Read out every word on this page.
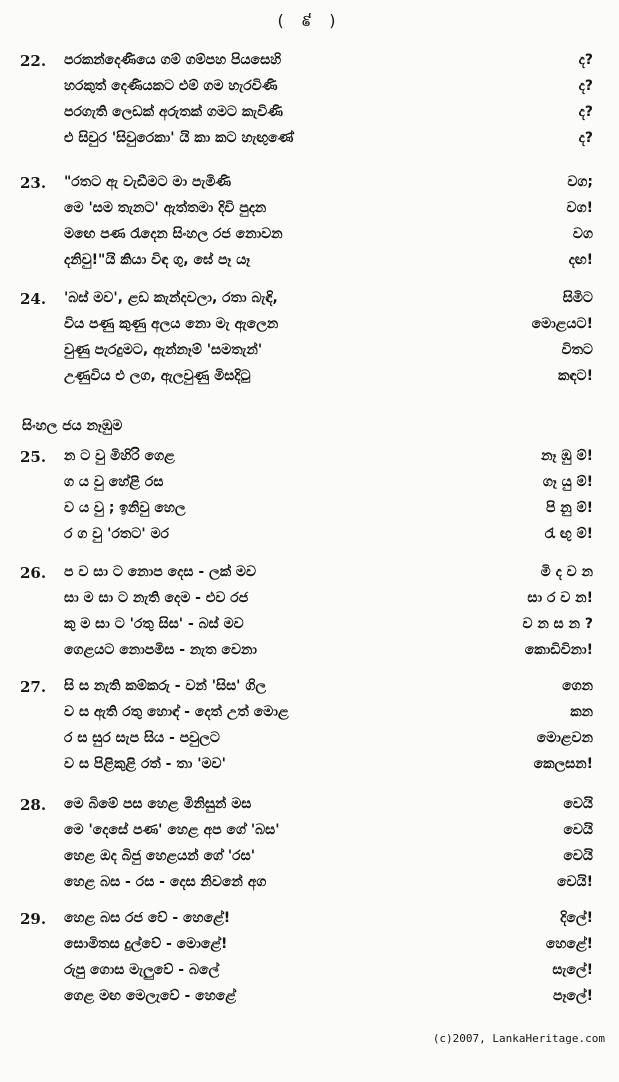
( ៩ )
22. පරකන්දෙණියෙ ගම් ගම්පහ පියසෙහි	ද?
හරකුත් දෙණියකට එම් ගම හැරවිණි	ද?
පරගැති ලෙඩක් අරුතක් ගමට කැවිණි	ද?
එ සිවුර 'සිවුරෙකා' යි කා කට හැඟුණේ	ද?
23. "රතට ඇ වැඩීමට මා පැමිණි	වග;
මෙ 'සම තැනට' ඇත්තමා දිවි පුදන	වග!
මඟෙ පණ රැදෙන සිංහල රජ නොවන	වග
දනිවු!"යි කියා විඳ ගු, ඝේ පෑ යෑ	දඟ!
24. 'බස් මව', ළඩ කැන්දවලා, රතා බැඳි,	සිමිට
විය පණු කුණු අලය නො මැ ඇලෙන	මොළයට!
වුණු පැරදුමට, ඇන්නෑම් 'සමතැන්'	විතට
උණුවිය එ ලග, ඇලවුණු මිසදිටු	කඳට!
සිංහල ජය නෑඹුම
25. න ට වු මිහිරි ගෙළ	නෑ ඹු ම්!
ග ය වු හේළි රස	ගෑ යු ම්!
ව ය වු ; ඉනිවු හෙල	පි නු ම්!
ර ග වු 'රතට' මර	රැ ඟු ම්!
26. ප ව සා ට නොප දෙස - ලක් මව	මි ද ව න
සා ම සා ට නැති දෙම - එව රජ	සා ර ව න!
කු ම සා ට 'රතු සිස' - බස් මව	ව න ස න ?
ගෙළයට නොපමිස - නැත වෙනා	කොඩිවිනා!
27. සි ස නැති කම්කරු - වන් 'සිස' ගිල	ගෙන
ව ස ඇති රතු හොඳ් - දෙත් උත් මොළ	කන
ර ස සුර සැප සිය - පවුලට	මොළවන
ව ස පිළිකුළි රත් - තා 'මව'	කෙලසන!
28. මෙ බිමේ පස හෙළ මිනිසුන් මස	වෙයි
මෙ 'දෙසේ පණ' හෙළ අප ගේ 'බස'	වෙයි
හෙළ ඔද බිජු හෙළයන් ගේ 'රස'	වෙයි
හෙළ බස - රස - දෙස නිවනේ අග	වෙයි!
29. හෙළ බස රජ වේ - හෙළේ!	දිලේ!
සොමිතස දුල්වේ - මොළේ!	හෙළේ!
රුපු ගොස මැලුවේ - බලේ	සැලේ!
ගෙළ මඟ මෙලැවේ - හෙළේ	පෑලේ!
(c)2007, LankaHeritage.com
